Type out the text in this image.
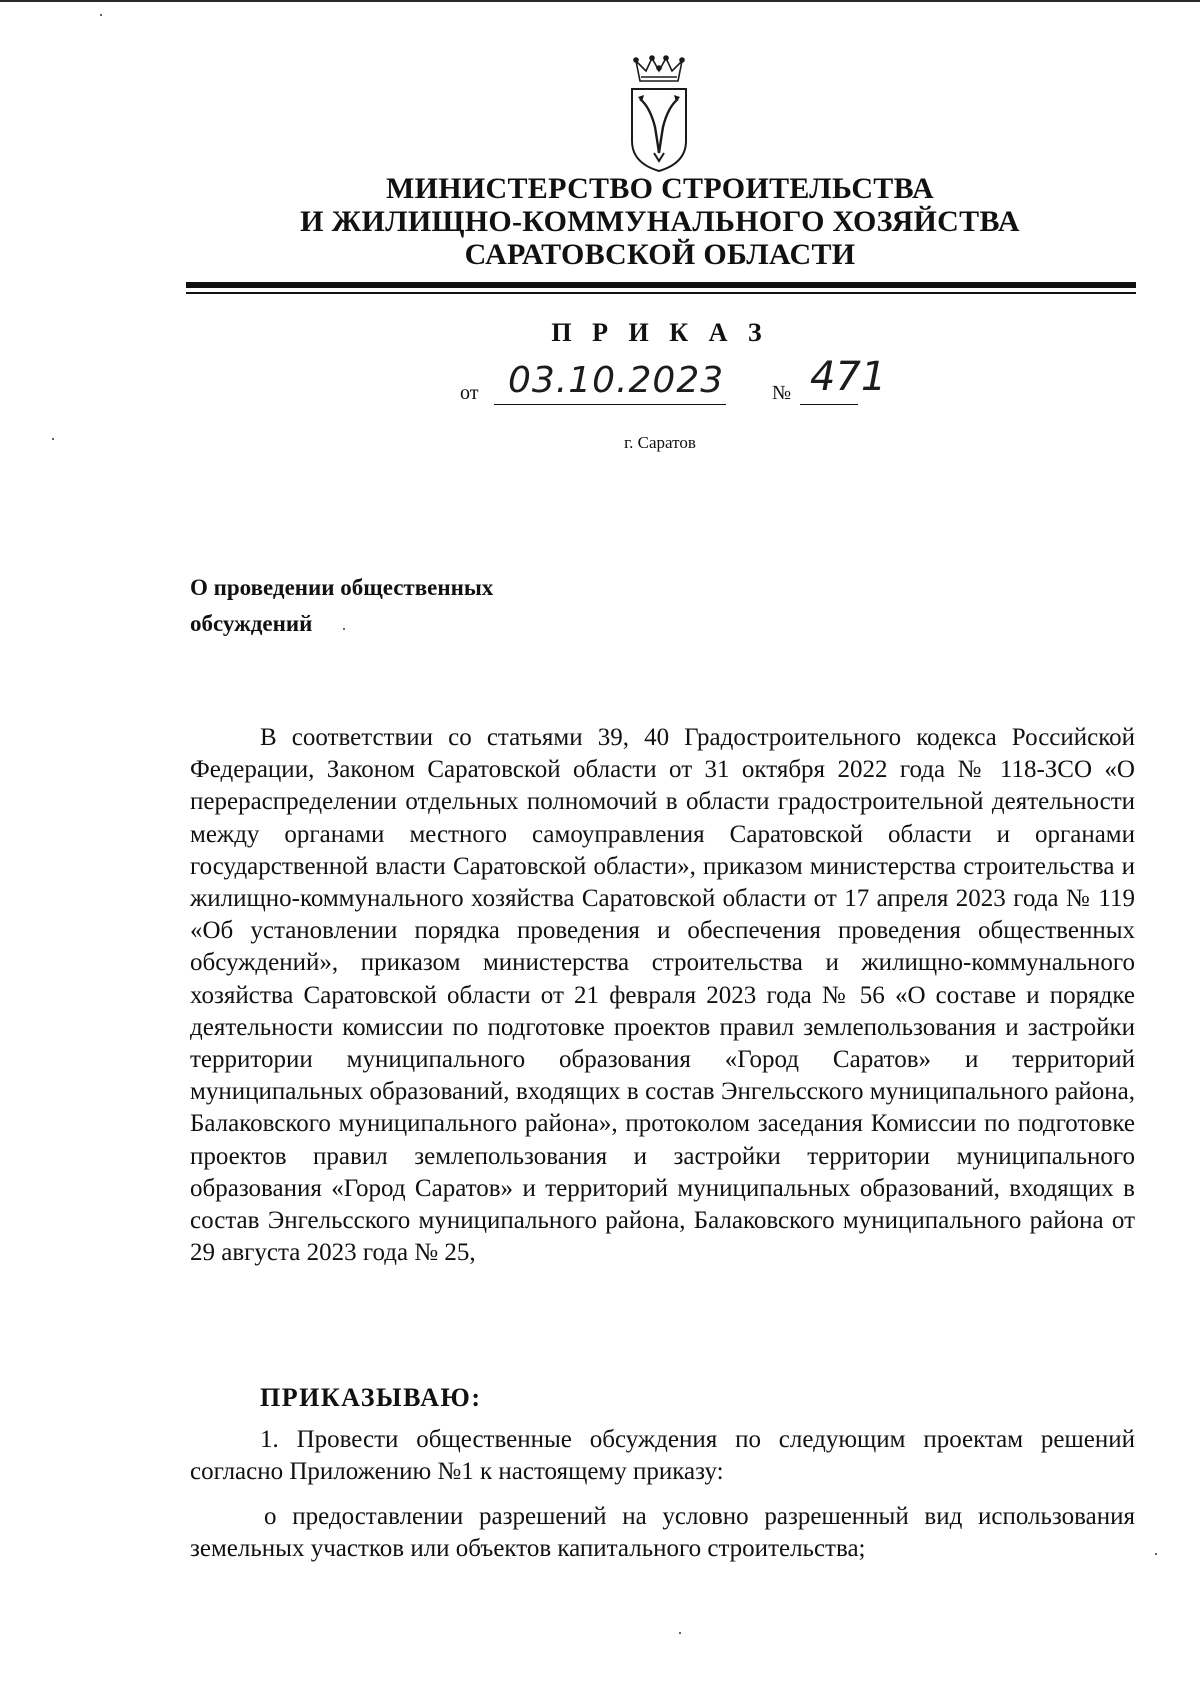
МИНИСТЕРСТВО СТРОИТЕЛЬСТВА
И ЖИЛИЩНО-КОММУНАЛЬНОГО ХОЗЯЙСТВА
САРАТОВСКОЙ ОБЛАСТИ
П Р И К А З
от 03.10.2023 № 471
г. Саратов
О проведении общественных
обсуждений

В соответствии со статьями 39, 40 Градостроительного кодекса Российской Федерации, Законом Саратовской области от 31 октября 2022 года № 118-ЗСО «О перераспределении отдельных полномочий в области градостроительной деятельности между органами местного самоуправления Саратовской области и органами государственной власти Саратовской области», приказом министерства строительства и жилищно-коммунального хозяйства Саратовской области от 17 апреля 2023 года № 119 «Об установлении порядка проведения и обеспечения проведения общественных обсуждений», приказом министерства строительства и жилищно-коммунального хозяйства Саратовской области от 21 февраля 2023 года № 56 «О составе и порядке деятельности комиссии по подготовке проектов правил землепользования и застройки территории муниципального образования «Город Саратов» и территорий муниципальных образований, входящих в состав Энгельсского муниципального района, Балаковского муниципального района», протоколом заседания Комиссии по подготовке проектов правил землепользования и застройки территории муниципального образования «Город Саратов» и территорий муниципальных образований, входящих в состав Энгельсского муниципального района, Балаковского муниципального района от 29 августа 2023 года № 25,

ПРИКАЗЫВАЮ:

1. Провести общественные обсуждения по следующим проектам решений согласно Приложению №1 к настоящему приказу:

о предоставлении разрешений на условно разрешенный вид использования земельных участков или объектов капитального строительства;
